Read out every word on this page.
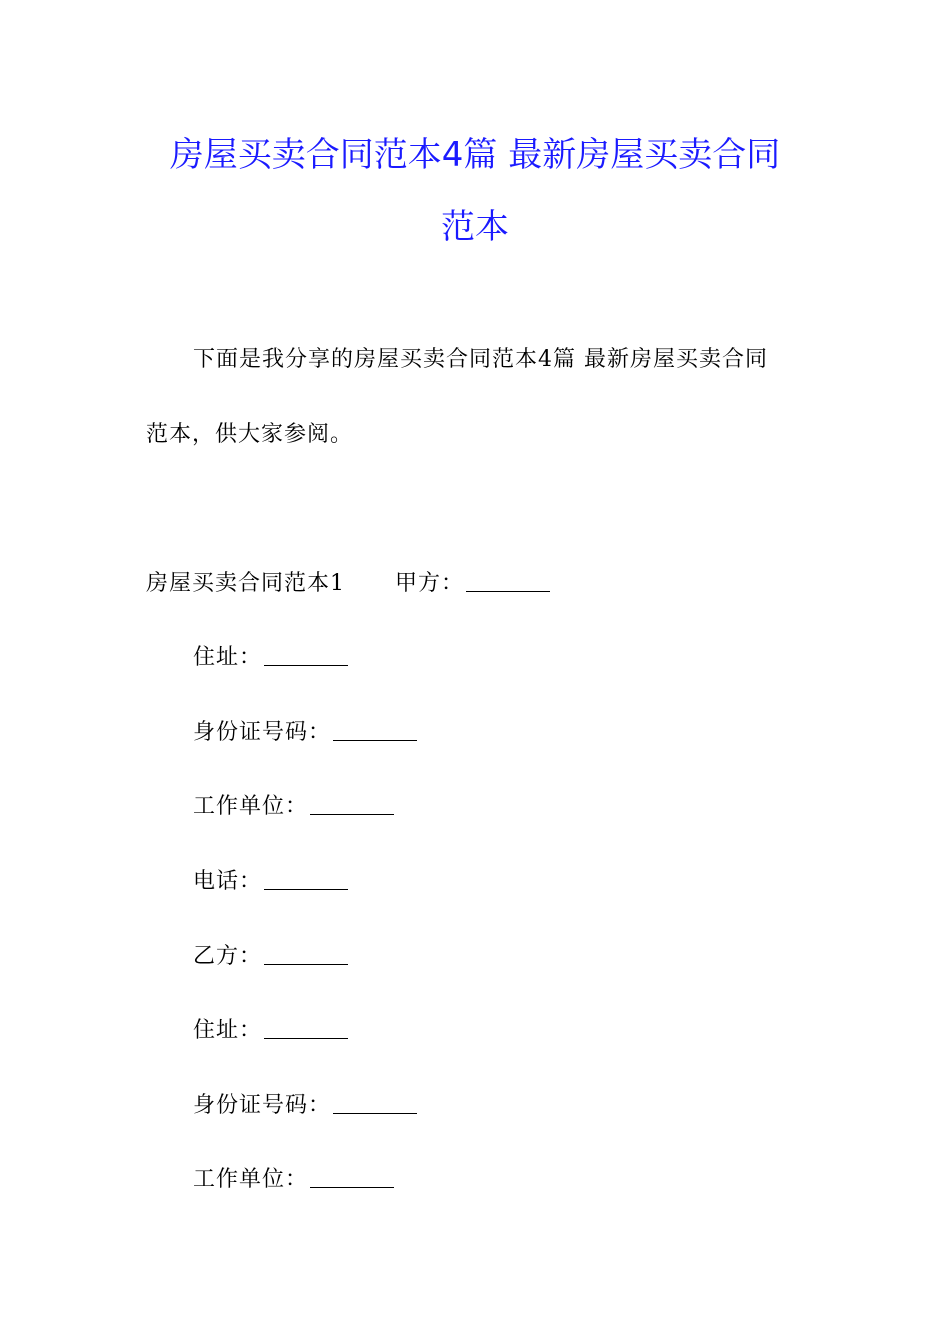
房屋买卖合同范本4篇 最新房屋买卖合同
范本
下面是我分享的房屋买卖合同范本4篇 最新房屋买卖合同
范本，供大家参阅。
房屋买卖合同范本1 甲方：
住址：
身份证号码：
工作单位：
电话：
乙方：
住址：
身份证号码：
工作单位：
